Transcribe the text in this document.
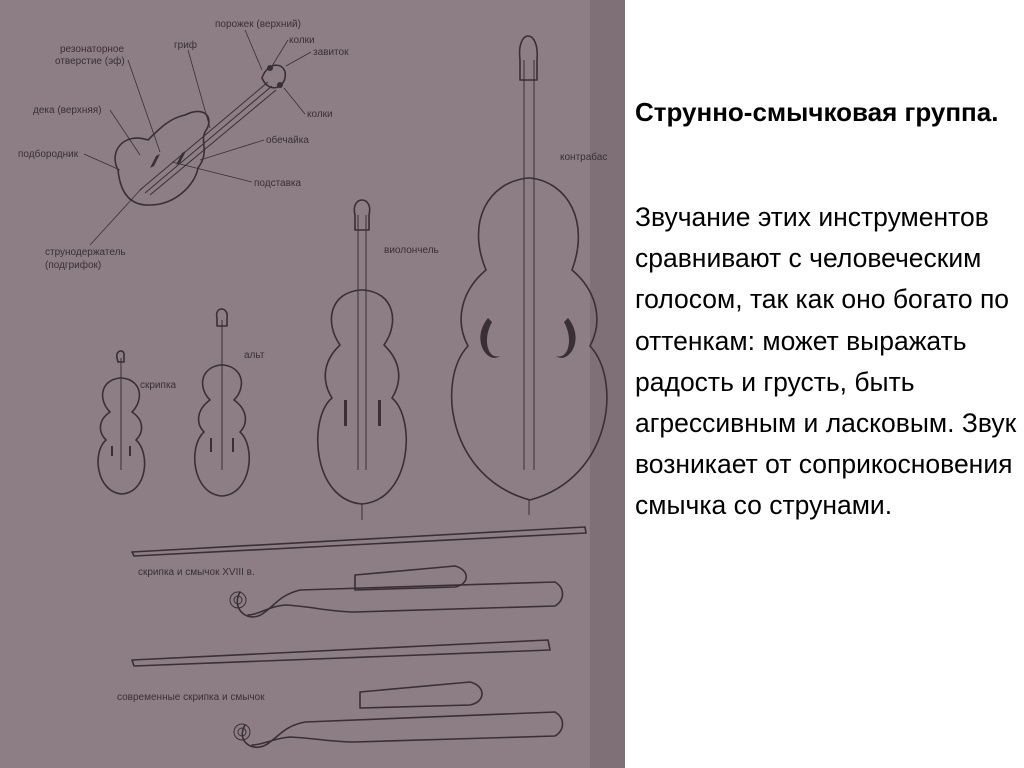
порожек (верхний)
колки
завиток
резонаторное
отверстие (эф)
гриф
дека (верхняя)	колки
обечайка
подбородник
подставка
струнодержатель
(подгрифок)
скрипка
альт
виолончель
контрабас
скрипка и смычок XVIII в.
современные скрипка и смычок

Струнно-смычковая группа.

Звучание этих инструментов сравнивают с человеческим голосом, так как оно богато по оттенкам: может выражать радость и грусть, быть агрессивным и ласковым. Звук возникает от соприкосновения смычка со струнами.
